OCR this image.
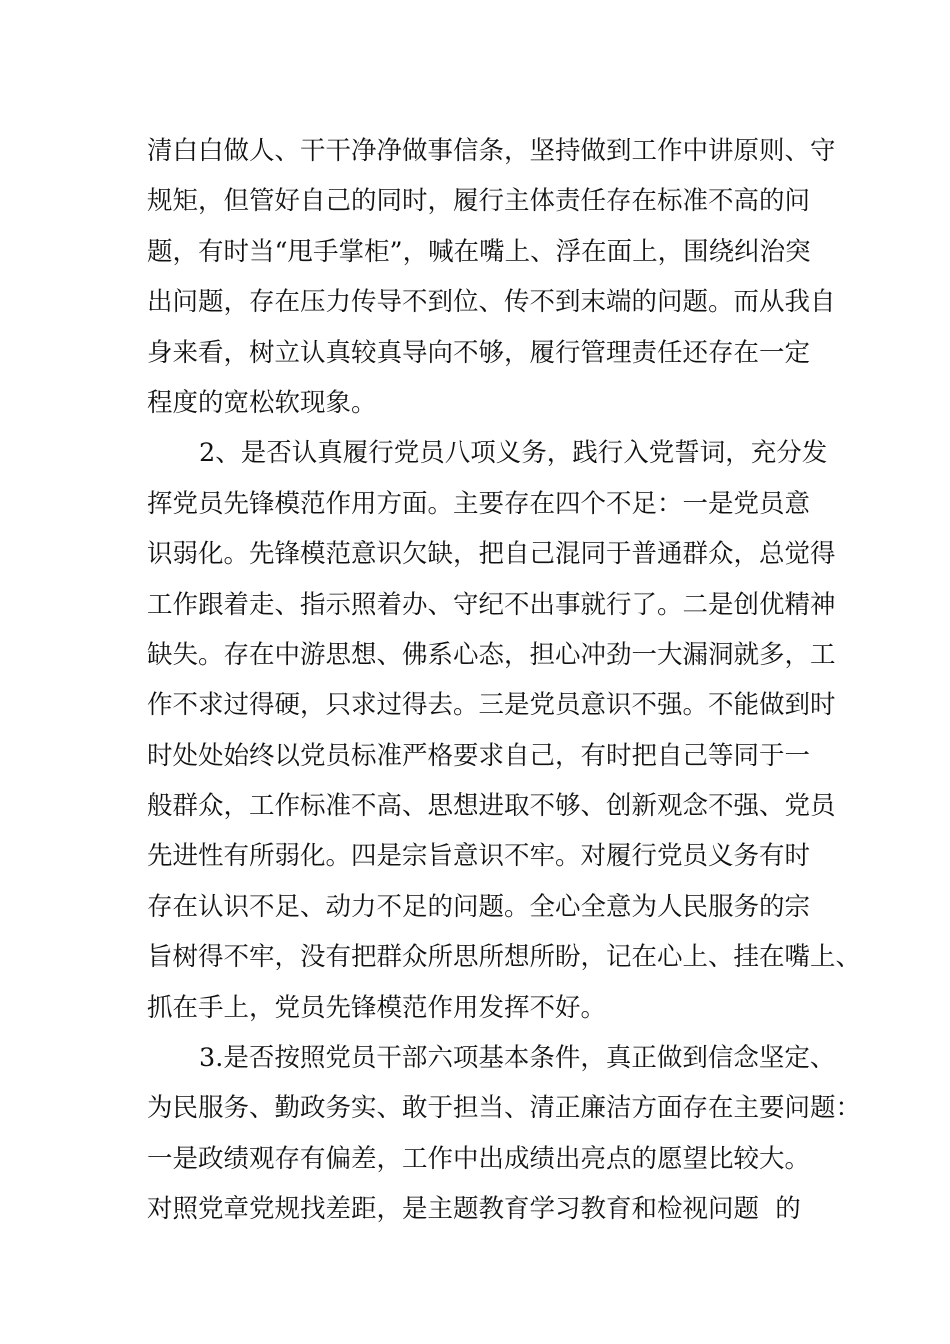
清白白做人、干干净净做事信条，坚持做到工作中讲原则、守
规矩，但管好自己的同时，履行主体责任存在标准不高的问
题，有时当“甩手掌柜”，喊在嘴上、浮在面上，围绕纠治突
出问题，存在压力传导不到位、传不到末端的问题。而从我自
身来看，树立认真较真导向不够，履行管理责任还存在一定
程度的宽松软现象。
2、是否认真履行党员八项义务，践行入党誓词，充分发
挥党员先锋模范作用方面。主要存在四个不足：一是党员意
识弱化。先锋模范意识欠缺，把自己混同于普通群众，总觉得
工作跟着走、指示照着办、守纪不出事就行了。二是创优精神
缺失。存在中游思想、佛系心态，担心冲劲一大漏洞就多，工
作不求过得硬，只求过得去。三是党员意识不强。不能做到时
时处处始终以党员标准严格要求自己，有时把自己等同于一
般群众，工作标准不高、思想进取不够、创新观念不强、党员
先进性有所弱化。四是宗旨意识不牢。对履行党员义务有时
存在认识不足、动力不足的问题。全心全意为人民服务的宗
旨树得不牢，没有把群众所思所想所盼，记在心上、挂在嘴上、
抓在手上，党员先锋模范作用发挥不好。
3.是否按照党员干部六项基本条件，真正做到信念坚定、
为民服务、勤政务实、敢于担当、清正廉洁方面存在主要问题：
一是政绩观存有偏差，工作中出成绩出亮点的愿望比较大。
对照党章党规找差距，是主题教育学习教育和检视问题  的
